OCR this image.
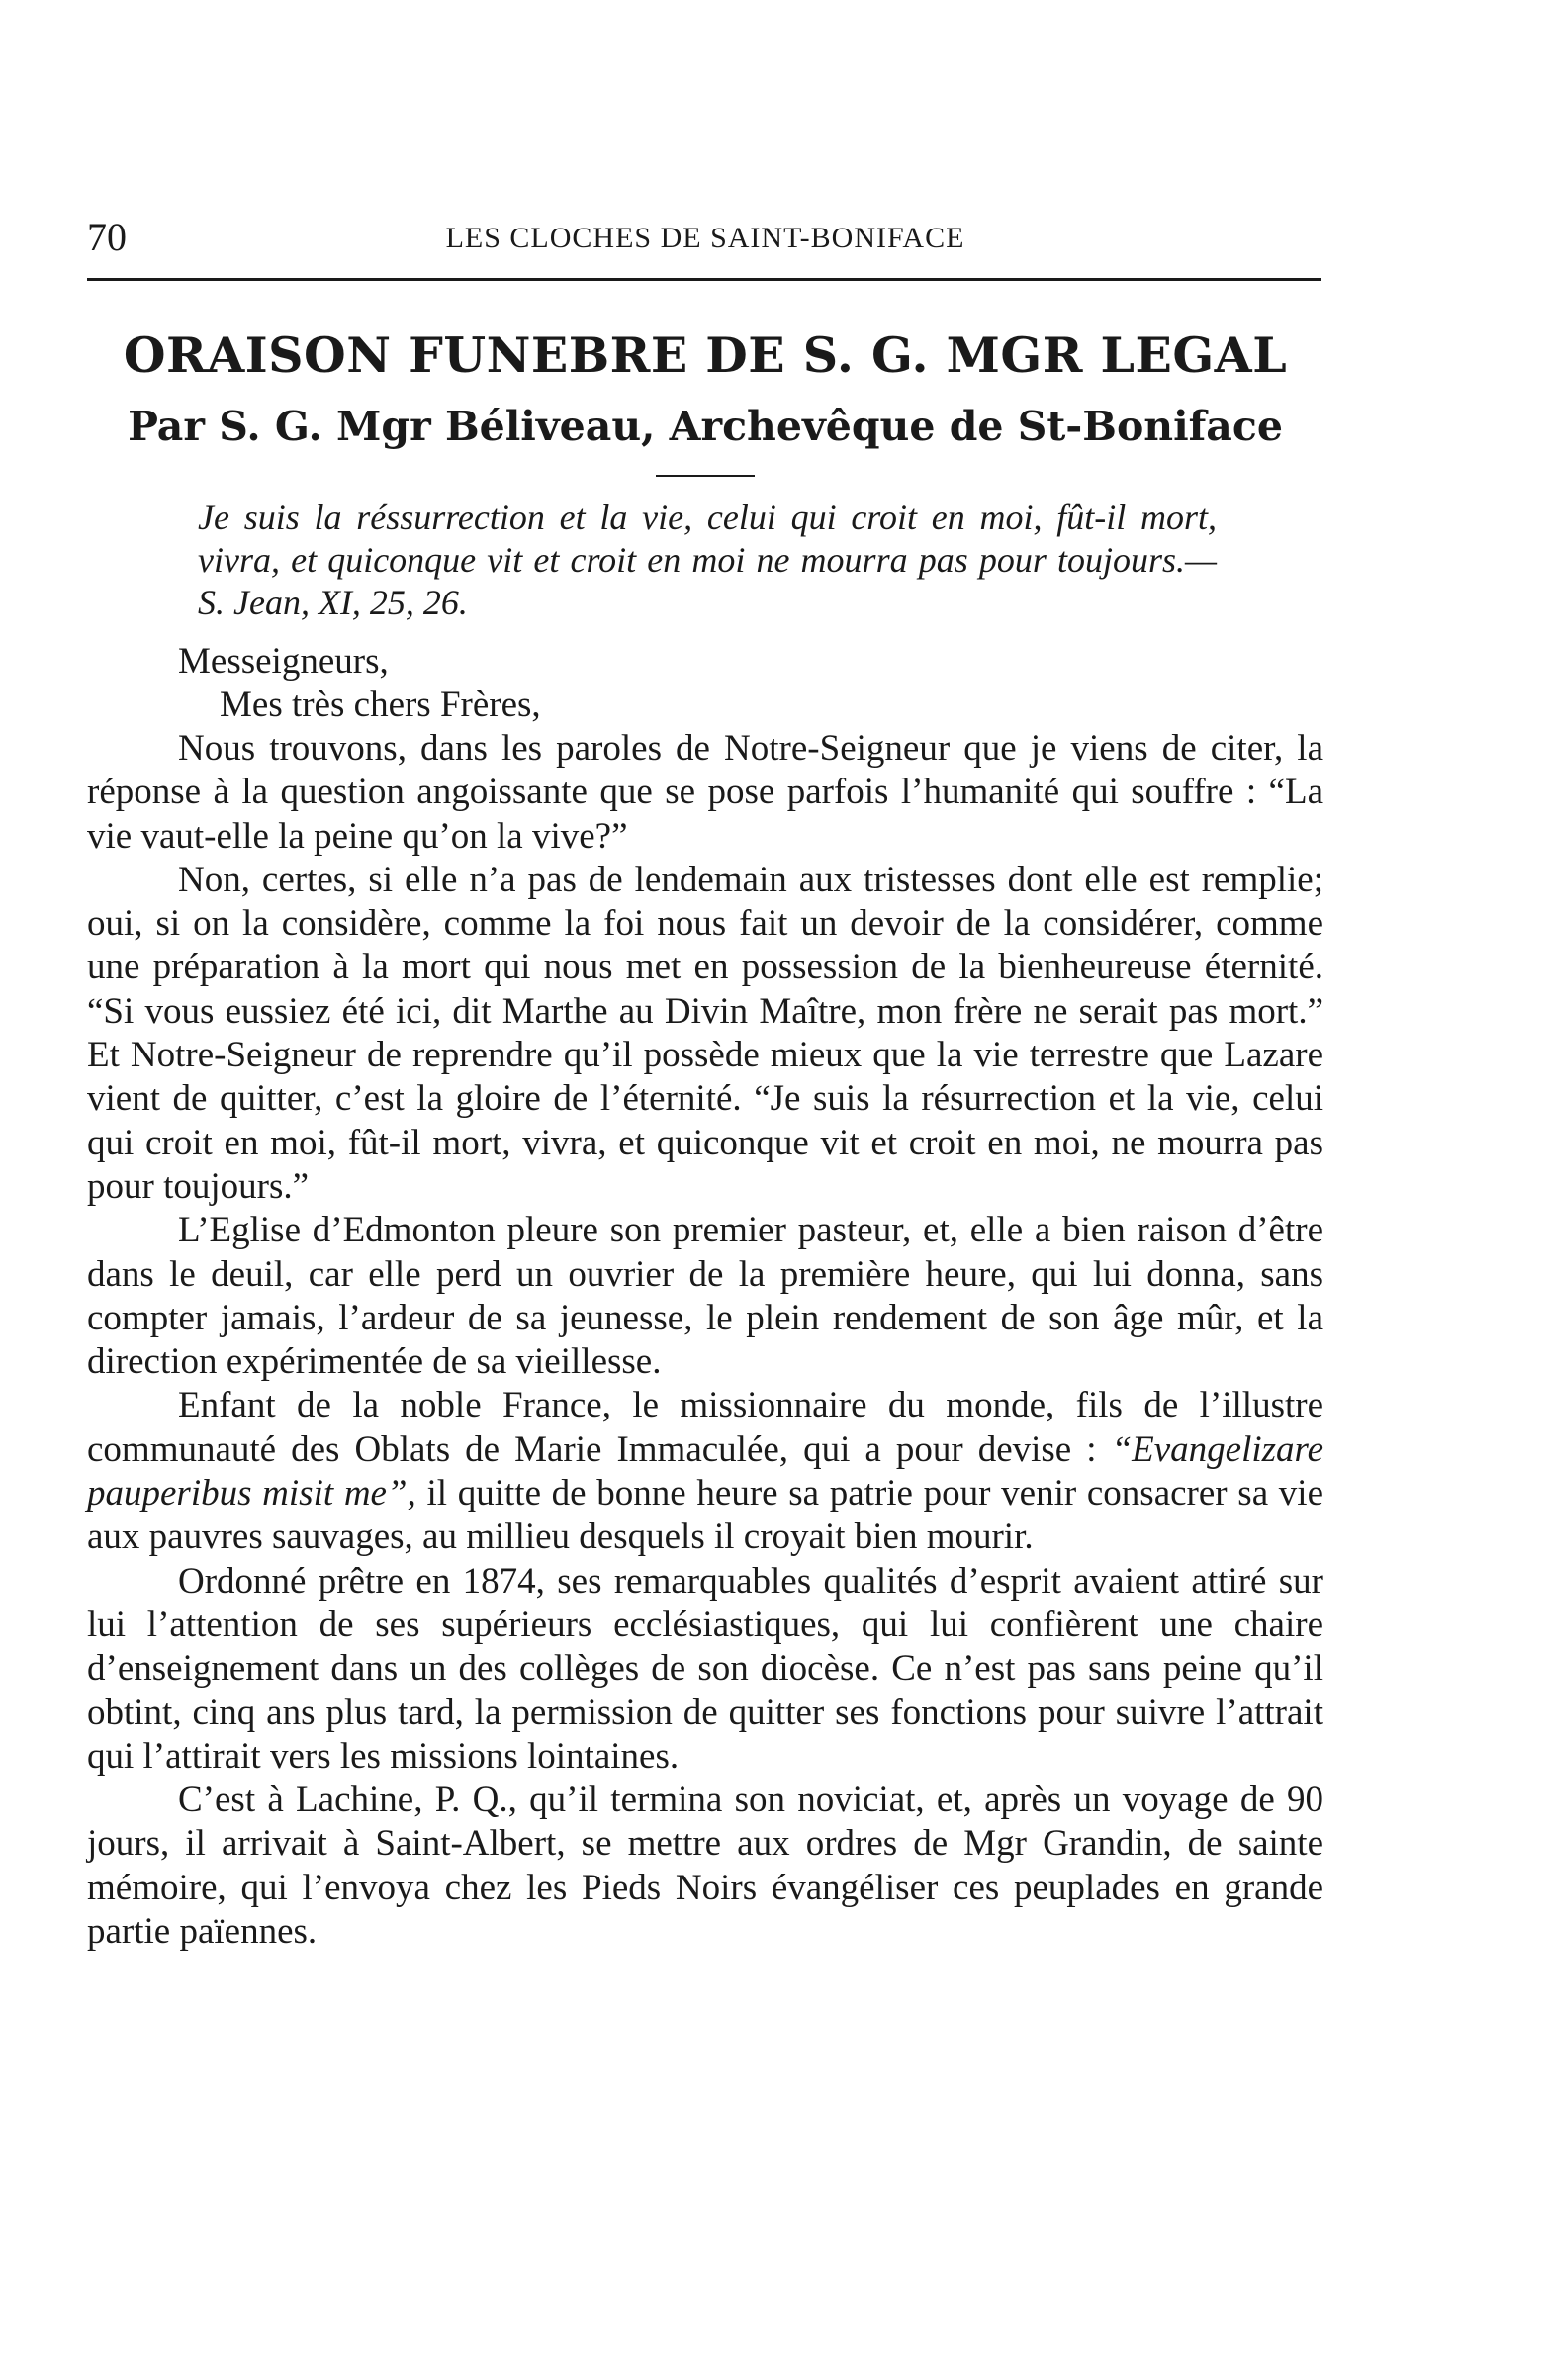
70	LES CLOCHES DE SAINT-BONIFACE
ORAISON FUNEBRE DE S. G. MGR LEGAL
Par S. G. Mgr Béliveau, Archevêque de St-Boniface
Je suis la réssurrection et la vie, celui qui croit en moi, fût-il mort, vivra, et quiconque vit et croit en moi ne mourra pas pour toujours.—S. Jean, XI, 25, 26.
Messeigneurs,
Mes très chers Frères,

Nous trouvons, dans les paroles de Notre-Seigneur que je viens de citer, la réponse à la question angoissante que se pose parfois l’humanité qui souffre : “La vie vaut-elle la peine qu’on la vive?”

Non, certes, si elle n’a pas de lendemain aux tristesses dont elle est remplie; oui, si on la considère, comme la foi nous fait un devoir de la considérer, comme une préparation à la mort qui nous met en possession de la bienheureuse éternité. “Si vous eussiez été ici, dit Marthe au Divin Maître, mon frère ne serait pas mort.” Et Notre-Seigneur de reprendre qu’il possède mieux que la vie terrestre que Lazare vient de quitter, c’est la gloire de l’éternité. “Je suis la résurrection et la vie, celui qui croit en moi, fût-il mort, vivra, et quiconque vit et croit en moi, ne mourra pas pour toujours.”

L’Eglise d’Edmonton pleure son premier pasteur, et, elle a bien raison d’être dans le deuil, car elle perd un ouvrier de la première heure, qui lui donna, sans compter jamais, l’ardeur de sa jeunesse, le plein rendement de son âge mûr, et la direction expérimentée de sa vieillesse.

Enfant de la noble France, le missionnaire du monde, fils de l’illustre communauté des Oblats de Marie Immaculée, qui a pour devise : “Evangelizare pauperibus misit me”, il quitte de bonne heure sa patrie pour venir consacrer sa vie aux pauvres sauvages, au millieu desquels il croyait bien mourir.

Ordonné prêtre en 1874, ses remarquables qualités d’esprit avaient attiré sur lui l’attention de ses supérieurs ecclésiastiques, qui lui confièrent une chaire d’enseignement dans un des collèges de son diocèse. Ce n’est pas sans peine qu’il obtint, cinq ans plus tard, la permission de quitter ses fonctions pour suivre l’attrait qui l’attirait vers les missions lointaines.

C’est à Lachine, P. Q., qu’il termina son noviciat, et, après un voyage de 90 jours, il arrivait à Saint-Albert, se mettre aux ordres de Mgr Grandin, de sainte mémoire, qui l’envoya chez les Pieds Noirs évangéliser ces peuplades en grande partie païennes.
